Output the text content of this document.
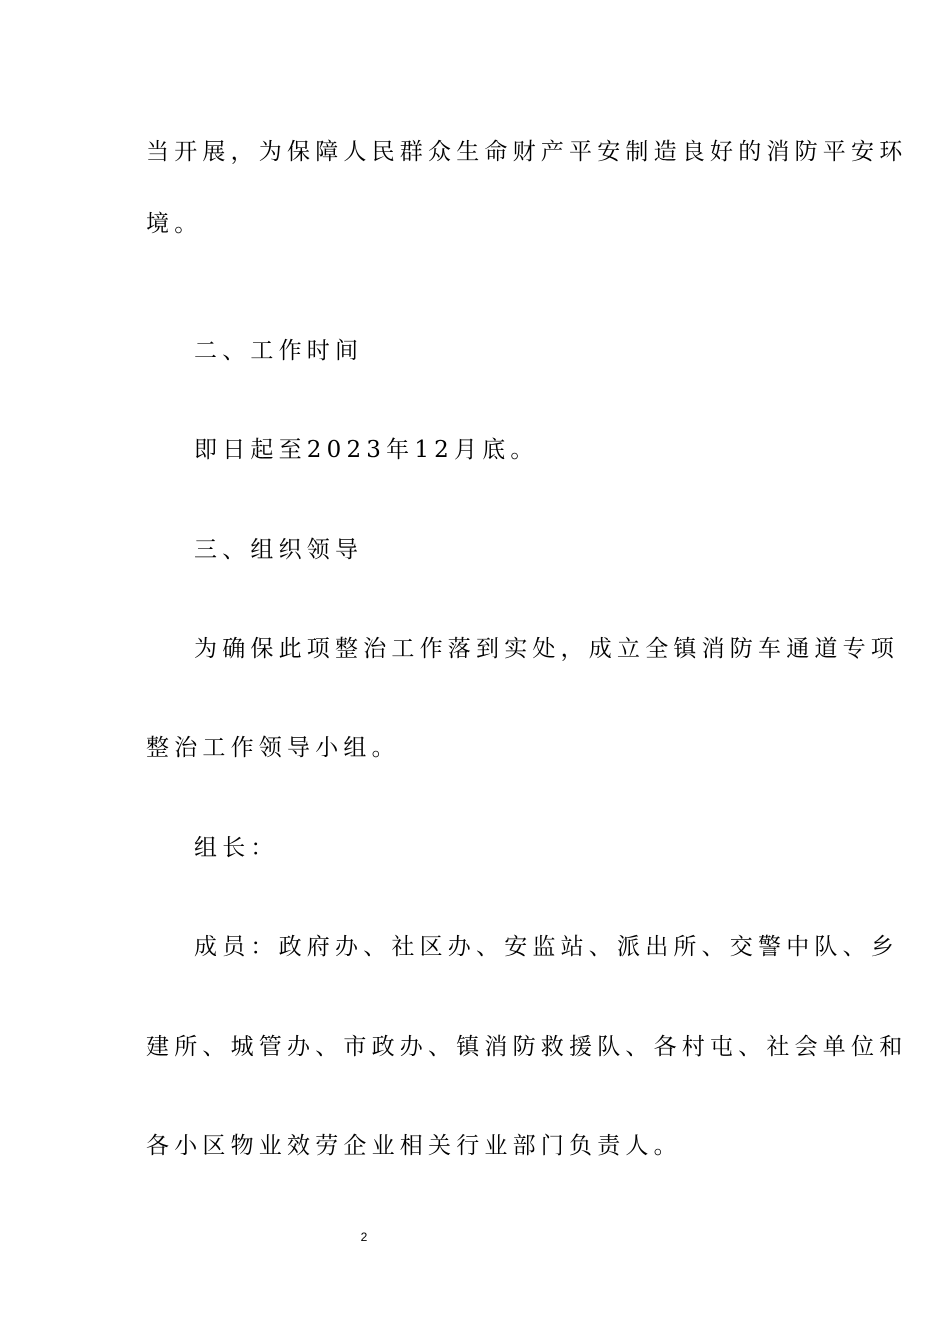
当开展，为保障人民群众生命财产平安制造良好的消防平安环
境。
二、工作时间
即日起至2023年12月底。
三、组织领导
为确保此项整治工作落到实处，成立全镇消防车通道专项
整治工作领导小组。
组长：
成员：政府办、社区办、安监站、派出所、交警中队、乡
建所、城管办、市政办、镇消防救援队、各村屯、社会单位和
各小区物业效劳企业相关行业部门负责人。
2
